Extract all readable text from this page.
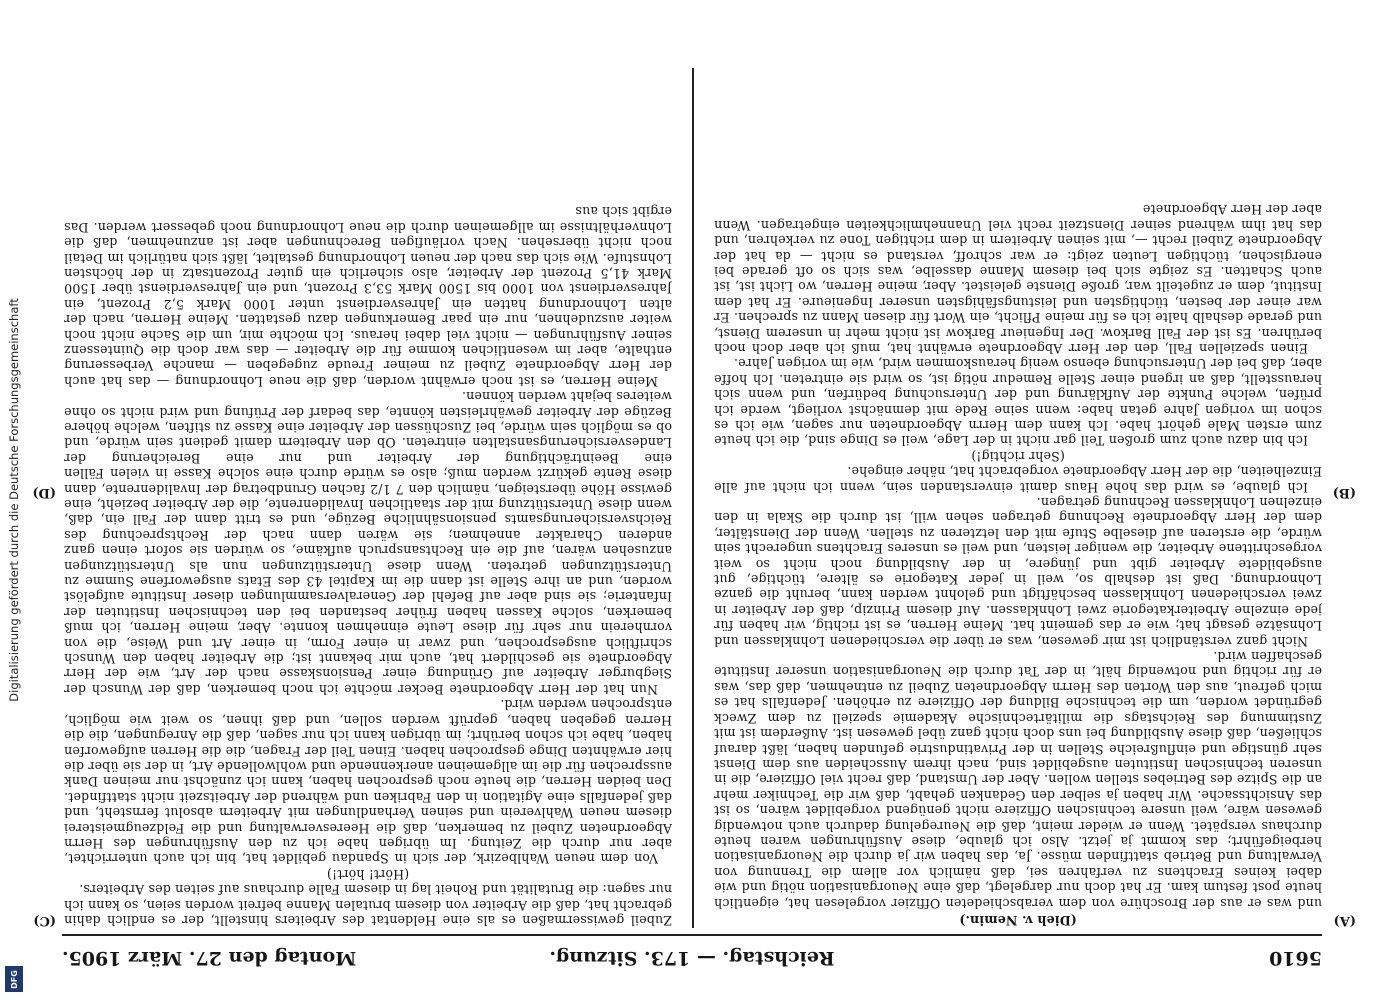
Digitalisierung gefördert durch die Deutsche Forschungsgemeinschaft
DFG
5610
Reichstag. — 173. Sitzung.
Montag den 27. März 1905.
(A)
(B)
(C)
(D)

(Dieh v. Nemin.)

und was er aus der Broschüre von dem verabschiedeten Offizier vorgelesen hat, eigentlich heute post festum kam. Er hat doch nur dargelegt, daß eine Neuorganisation nötig und wie dabei keines Erachtens zu verfahren sei, daß nämlich vor allem die Trennung von Verwaltung und Betrieb stattfinden müsse. Ja, das haben wir ja durch die Neuorganisation herbeigeführt; das kommt ja jetzt. Also ich glaube, diese Ausführungen waren heute durchaus verspätet. Wenn er wieder meint, daß die Neuregelung dadurch auch notwendig gewesen wäre, weil unsere technischen Offiziere nicht genügend vorgebildet wären, so ist das Ansichtssache. Wir haben ja selber den Gedanken gehabt, daß wir die Techniker mehr an die Spitze des Betriebes stellen wollen. Aber der Umstand, daß recht viel Offiziere, die in unseren technischen Instituten ausgebildet sind, nach ihrem Ausscheiden aus dem Dienst sehr günstige und einflußreiche Stellen in der Privatindustrie gefunden haben, läßt darauf schließen, daß diese Ausbildung bei uns doch nicht ganz übel gewesen ist. Außerdem ist mit Zustimmung des Reichstags die militärtechnische Akademie speziell zu dem Zweck gegründet worden, um die technische Bildung der Offiziere zu erhöhen. Jedenfalls hat es mich gefreut, aus den Worten des Herrn Abgeordneten Zubeil zu entnehmen, daß das, was er für richtig und notwendig hält, in der Tat durch die Neuorganisation unserer Institute geschaffen wird.

Nicht ganz verständlich ist mir gewesen, was er über die verschiedenen Lohnklassen und Lohnsätze gesagt hat; wie er das gemeint hat. Meine Herren, es ist richtig, wir haben für jede einzelne Arbeiterkategorie zwei Lohnklassen. Auf diesem Prinzip, daß der Arbeiter in zwei verschiedenen Lohnklassen beschäftigt und gelohnt werden kann, beruht die ganze Lohnordnung. Daß ist deshalb so, weil in jeder Kategorie es ältere, tüchtige, gut ausgebildete Arbeiter gibt und jüngere, in der Ausbildung noch nicht so weit vorgeschrittene Arbeiter, die weniger leisten, und weil es unseres Erachtens ungerecht sein würde, die ersteren auf dieselbe Stufe mit den letzteren zu stellen. Wenn der Dienstälter, dem der Herr Abgeordnete Rechnung getragen sehen will, ist durch die Skala in den einzelnen Lohnklassen Rechnung getragen.

Ich glaube, es wird das hohe Haus damit einverstanden sein, wenn ich nicht auf alle Einzelheiten, die der Herr Abgeordnete vorgebracht hat, näher eingehe.

(Sehr richtig!)

Ich bin dazu auch zum großen Teil gar nicht in der Lage, weil es Dinge sind, die ich heute zum ersten Male gehört habe. Ich kann dem Herrn Abgeordneten nur sagen, wie ich es schon im vorigen Jahre getan habe: wenn seine Rede mit demnächst vorliegt, werde ich prüfen, welche Punkte der Aufklärung und der Untersuchung bedürfen, und wenn sich herausstellt, daß an irgend einer Stelle Remedur nötig ist, so wird sie eintreten. Ich hoffe aber, daß bei der Untersuchung ebenso wenig herauskommen wird, wie im vorigen Jahre.

Einen speziellen Fall, den der Herr Abgeordnete erwähnt hat, muß ich aber doch noch berühren. Es ist der Fall Barkow. Der Ingenieur Barkow ist nicht mehr in unserem Dienst, und gerade deshalb halte ich es für meine Pflicht, ein Wort für diesen Mann zu sprechen. Er war einer der besten, tüchtigsten und leistungsfähigsten unserer Ingenieure. Er hat dem Institut, dem er zugeteilt war, große Dienste geleistet. Aber, meine Herren, wo Licht ist, ist auch Schatten. Es zeigte sich bei diesem Manne dasselbe, was sich so oft gerade bei energischen, tüchtigen Leuten zeigt: er war schroff, verstand es nicht — da hat der Abgeordnete Zubeil recht —, mit seinen Arbeitern in dem richtigen Tone zu verkehren, und das hat ihm während seiner Dienstzeit recht viel Unannehmlichkeiten eingetragen. Wenn aber der Herr Abgeordnete

Zubeil gewissermaßen es als eine Heldentat des Arbeiters hinstellt, der es endlich dahin gebracht hat, daß die Arbeiter von diesem brutalen Manne befreit worden seien, so kann ich nur sagen: die Brutalität und Roheit lag in diesem Falle durchaus auf seiten des Arbeiters.

(Hört! hört!)

Von dem neuen Wahlbezirk, der sich in Spandau gebildet hat, bin ich auch unterrichtet, aber nur durch die Zeitung. Im übrigen habe ich zu den Ausführungen des Herrn Abgeordneten Zubeil zu bemerken, daß die Heeresverwaltung und die Feldzeugmeisterei diesem neuen Wahlverein und seinen Verhandlungen mit Arbeitern absolut fernsteht, und daß jedenfalls eine Agitation in den Fabriken und während der Arbeitszeit nicht stattfindet. Den beiden Herren, die heute noch gesprochen haben, kann ich zunächst nur meinen Dank aussprechen für die im allgemeinen anerkennende und wohlwollende Art, in der sie über die hier erwähnten Dinge gesprochen haben. Einen Teil der Fragen, die die Herren aufgeworfen haben, habe ich schon berührt; im übrigen kann ich nur sagen, daß die Anregungen, die die Herren gegeben haben, geprüft werden sollen, und daß ihnen, so weit wie möglich, entsprochen werden wird.

Nun hat der Herr Abgeordnete Becker möchte ich noch bemerken, daß der Wunsch der Siegburger Arbeiter auf Gründung einer Pensionskasse nach der Art, wie der Herr Abgeordnete sie geschildert hat, auch mir bekannt ist; die Arbeiter haben den Wunsch schriftlich ausgesprochen, und zwar in einer Form, in einer Art und Weise, die von vornherein nur sehr für diese Leute einnehmen konnte. Aber, meine Herren, ich muß bemerken, solche Kassen haben früher bestanden bei den technischen Instituten der Infanterie; sie sind aber auf Befehl der Generalversammlungen dieser Institute aufgelöst worden, und an ihre Stelle ist dann die im Kapitel 43 des Etats ausgeworfene Summe zu Unterstützungen getreten. Wenn diese Unterstützungen nun als Unterstützungen anzusehen wären, auf die ein Rechtsanspruch aufkäme, so würden sie sofort einen ganz anderen Charakter annehmen; sie wären dann nach der Rechtsprechung des Reichsversicherungsamts pensionsähnliche Bezüge, und es tritt dann der Fall ein, daß, wenn diese Unterstützung mit der staatlichen Invalidenrente, die der Arbeiter bezieht, eine gewisse Höhe übersteigen, nämlich den 7 1/2 fachen Grundbetrag der Invalidenrente, dann diese Rente gekürzt werden muß; also es würde durch eine solche Kasse in vielen Fällen eine Beeinträchtigung der Arbeiter und nur eine Bereicherung der Landesversicherungsanstalten eintreten. Ob den Arbeitern damit gedient sein würde, und ob es möglich sein würde, bei Zuschüssen der Arbeiter eine Kasse zu stiften, welche höhere Bezüge der Arbeiter gewährleisten könnte, das bedarf der Prüfung und wird nicht so ohne weiteres bejaht werden können.

Meine Herren, es ist noch erwähnt worden, daß die neue Lohnordnung — das hat auch der Herr Abgeordnete Zubeil zu meiner Freude zugegeben — manche Verbesserung enthalte, aber im wesentlichen komme für die Arbeiter — das war doch die Quintessenz seiner Ausführungen — nicht viel dabei heraus. Ich möchte mir, um die Sache nicht noch weiter auszudehnen, nur ein paar Bemerkungen dazu gestatten. Meine Herren, nach der alten Lohnordnung hatten ein Jahresverdienst unter 1000 Mark 5,2 Prozent, ein Jahresverdienst von 1000 bis 1500 Mark 53,3 Prozent, und ein Jahresverdienst über 1500 Mark 41,5 Prozent der Arbeiter, also sicherlich ein guter Prozentsatz in der höchsten Lohnstufe. Wie sich das nach der neuen Lohnordnung gestaltet, läßt sich natürlich im Detail noch nicht übersehen. Nach vorläufigen Berechnungen aber ist anzunehmen, daß die Lohnverhältnisse im allgemeinen durch die neue Lohnordnung noch gebessert werden. Das ergibt sich aus
